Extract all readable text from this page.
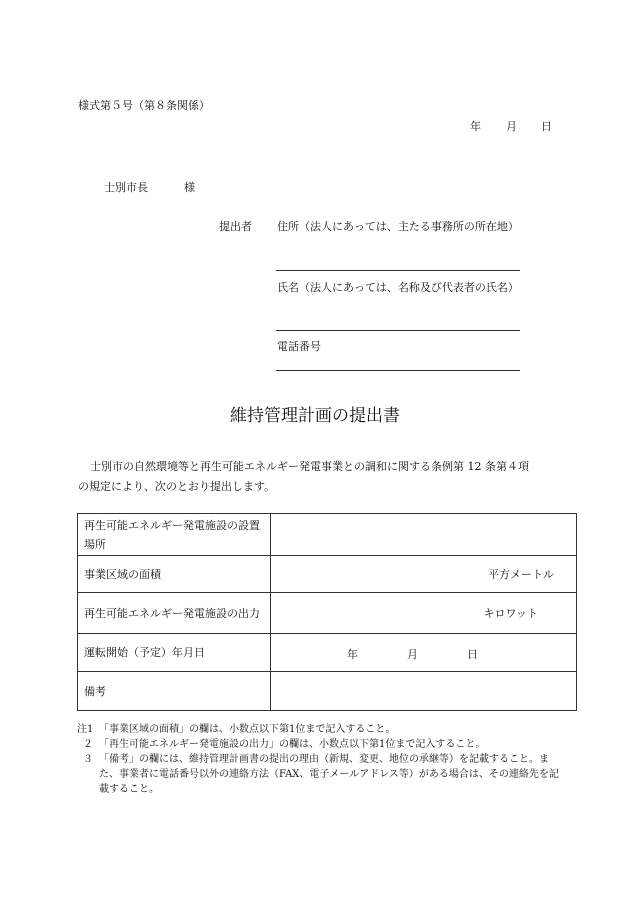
様式第５号（第８条関係）
年 月 日
士別市長	様
提出者 住所（法人にあっては、主たる事務所の所在地）
氏名（法人にあっては、名称及び代表者の氏名）
電話番号
維持管理計画の提出書
士別市の自然環境等と再生可能エネルギー発電事業との調和に関する条例第 12 条第４項
の規定により、次のとおり提出します。
再生可能エネルギー発電施設の設置場所	
事業区域の面積	平方メートル
再生可能エネルギー発電施設の出力	キロワット
運転開始（予定）年月日	年 月 日

備考	
注1 「事業区域の面積」の欄は、小数点以下第1位まで記入すること。
２ 「再生可能エネルギー発電施設の出力」の欄は、小数点以下第1位まで記入すること。
３ 「備考」の欄には、維持管理計画書の提出の理由（新規、変更、地位の承継等）を記載すること。また、事業者に電話番号以外の連絡方法（FAX、電子メールアドレス等）がある場合は、その連絡先を記載すること。
